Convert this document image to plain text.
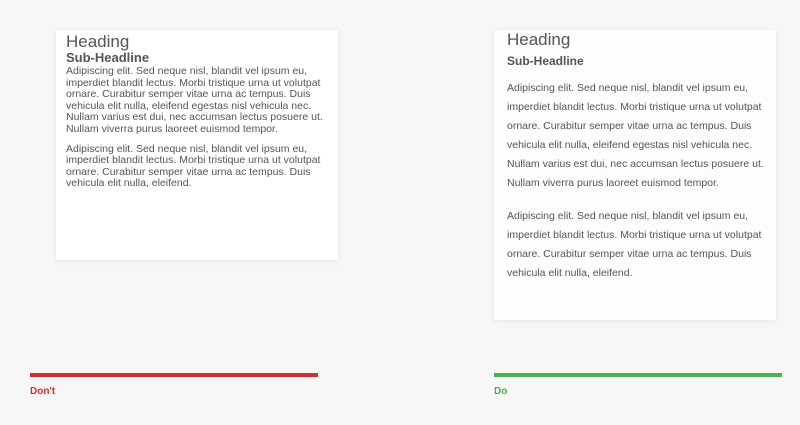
Heading
Sub-Headline

Adipiscing elit. Sed neque nisl, blandit vel ipsum eu, imperdiet blandit lectus. Morbi tristique urna ut volutpat ornare. Curabitur semper vitae urna ac tempus. Duis vehicula elit nulla, eleifend egestas nisl vehicula nec. Nullam varius est dui, nec accumsan lectus posuere ut. Nullam viverra purus laoreet euismod tempor.

Adipiscing elit. Sed neque nisl, blandit vel ipsum eu, imperdiet blandit lectus. Morbi tristique urna ut volutpat ornare. Curabitur semper vitae urna ac tempus. Duis vehicula elit nulla, eleifend.

Heading
Sub-Headline

Adipiscing elit. Sed neque nisl, blandit vel ipsum eu, imperdiet blandit lectus. Morbi tristique urna ut volutpat ornare. Curabitur semper vitae urna ac tempus. Duis vehicula elit nulla, eleifend egestas nisl vehicula nec. Nullam varius est dui, nec accumsan lectus posuere ut. Nullam viverra purus laoreet euismod tempor.

Adipiscing elit. Sed neque nisl, blandit vel ipsum eu, imperdiet blandit lectus. Morbi tristique urna ut volutpat ornare. Curabitur semper vitae urna ac tempus. Duis vehicula elit nulla, eleifend.

Don't	Do
